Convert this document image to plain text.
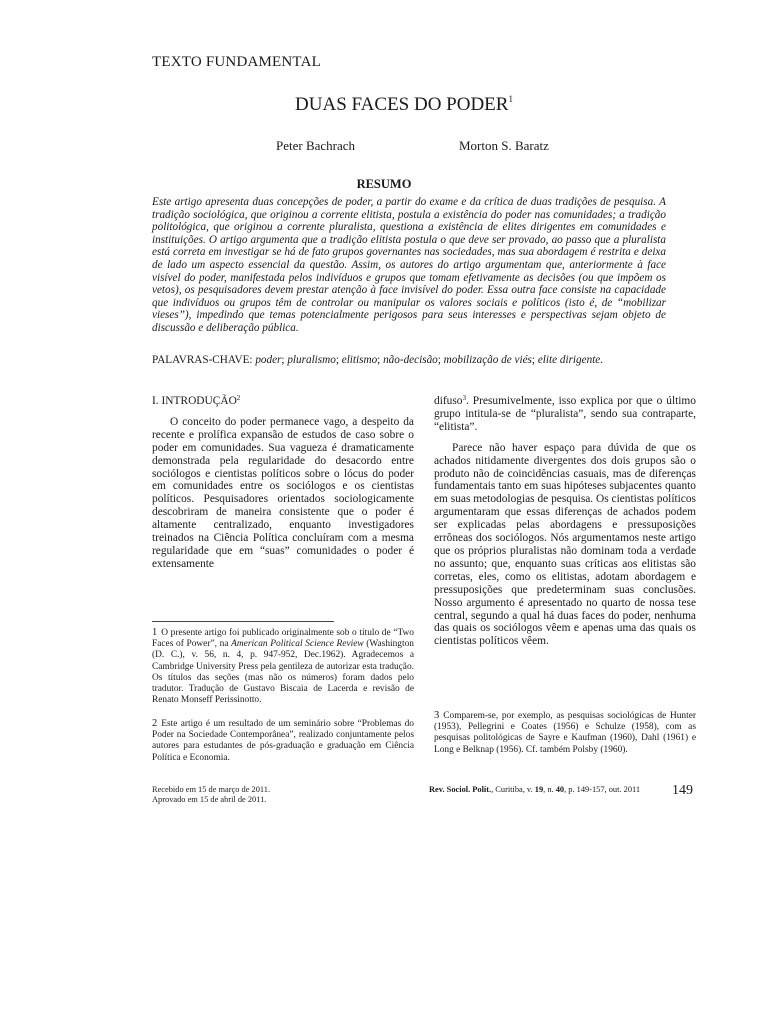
TEXTO FUNDAMENTAL
DUAS FACES DO PODER$^1$
Peter Bachrach	Morton S. Baratz
RESUMO
Este artigo apresenta duas concepções de poder, a partir do exame e da crítica de duas tradições de pesquisa. A tradição sociológica, que originou a corrente elitista, postula a existência do poder nas comunidades; a tradição politológica, que originou a corrente pluralista, questiona a existência de elites dirigentes em comunidades e instituições. O artigo argumenta que a tradição elitista postula o que deve ser provado, ao passo que a pluralista está correta em investigar se há de fato grupos governantes nas sociedades, mas sua abordagem é restrita e deixa de lado um aspecto essencial da questão. Assim, os autores do artigo argumentam que, anteriormente à face visível do poder, manifestada pelos indivíduos e grupos que tomam efetivamente as decisões (ou que impõem os vetos), os pesquisadores devem prestar atenção à face invisível do poder. Essa outra face consiste na capacidade que indivíduos ou grupos têm de controlar ou manipular os valores sociais e políticos (isto é, de “mobilizar vieses”), impedindo que temas potencialmente perigosos para seus interesses e perspectivas sejam objeto de discussão e deliberação pública.
PALAVRAS-CHAVE: poder; pluralismo; elitismo; não-decisão; mobilização de viés; elite dirigente.

I. INTRODUÇÃO$^2$

O conceito do poder permanece vago, a despeito da recente e prolífica expansão de estudos de caso sobre o poder em comunidades. Sua vagueza é dramaticamente demonstrada pela regularidade do desacordo entre sociólogos e cientistas políticos sobre o lócus do poder em comunidades entre os sociólogos e os cientistas políticos. Pesquisadores orientados sociologicamente descobriram de maneira consistente que o poder é altamente centralizado, enquanto investigadores treinados na Ciência Política concluíram com a mesma regularidade que em “suas” comunidades o poder é extensamente

difuso$^3$. Presumivelmente, isso explica por que o último grupo intitula-se de “pluralista”, sendo sua contraparte, “elitista”.

Parece não haver espaço para dúvida de que os achados nitidamente divergentes dos dois grupos são o produto não de coincidências casuais, mas de diferenças fundamentais tanto em suas hipóteses subjacentes quanto em suas metodologias de pesquisa. Os cientistas políticos argumentaram que essas diferenças de achados podem ser explicadas pelas abordagens e pressuposições errôneas dos sociólogos. Nós argumentamos neste artigo que os próprios pluralistas não dominam toda a verdade no assunto; que, enquanto suas críticas aos elitistas são corretas, eles, como os elitistas, adotam abordagem e pressuposições que predeterminam suas conclusões. Nosso argumento é apresentado no quarto de nossa tese central, segundo a qual há duas faces do poder, nenhuma das quais os sociólogos vêem e apenas uma das quais os cientistas políticos vêem.

1 O presente artigo foi publicado originalmente sob o título de “Two Faces of Power”, na American Political Science Review (Washington (D. C.), v. 56, n. 4, p. 947-952, Dec.1962). Agradecemos a Cambridge University Press pela gentileza de autorizar esta tradução. Os títulos das seções (mas não os números) foram dados pelo tradutor. Tradução de Gustavo Biscaia de Lacerda e revisão de Renato Monseff Perissinotto.
2 Este artigo é um resultado de um seminário sobre “Problemas do Poder na Sociedade Contemporânea”, realizado conjuntamente pelos autores para estudantes de pós-graduação e graduação em Ciência Política e Economia.
3 Comparem-se, por exemplo, as pesquisas sociológicas de Hunter (1953), Pellegrini e Coates (1956) e Schulze (1958), com as pesquisas politológicas de Sayre e Kaufman (1960), Dahl (1961) e Long e Belknap (1956). Cf. também Polsby (1960).
Recebido em 15 de março de 2011.
Aprovado em 15 de abril de 2011.
Rev. Sociol. Polít., Curitiba, v. 19, n. 40, p. 149-157, out. 2011 149
